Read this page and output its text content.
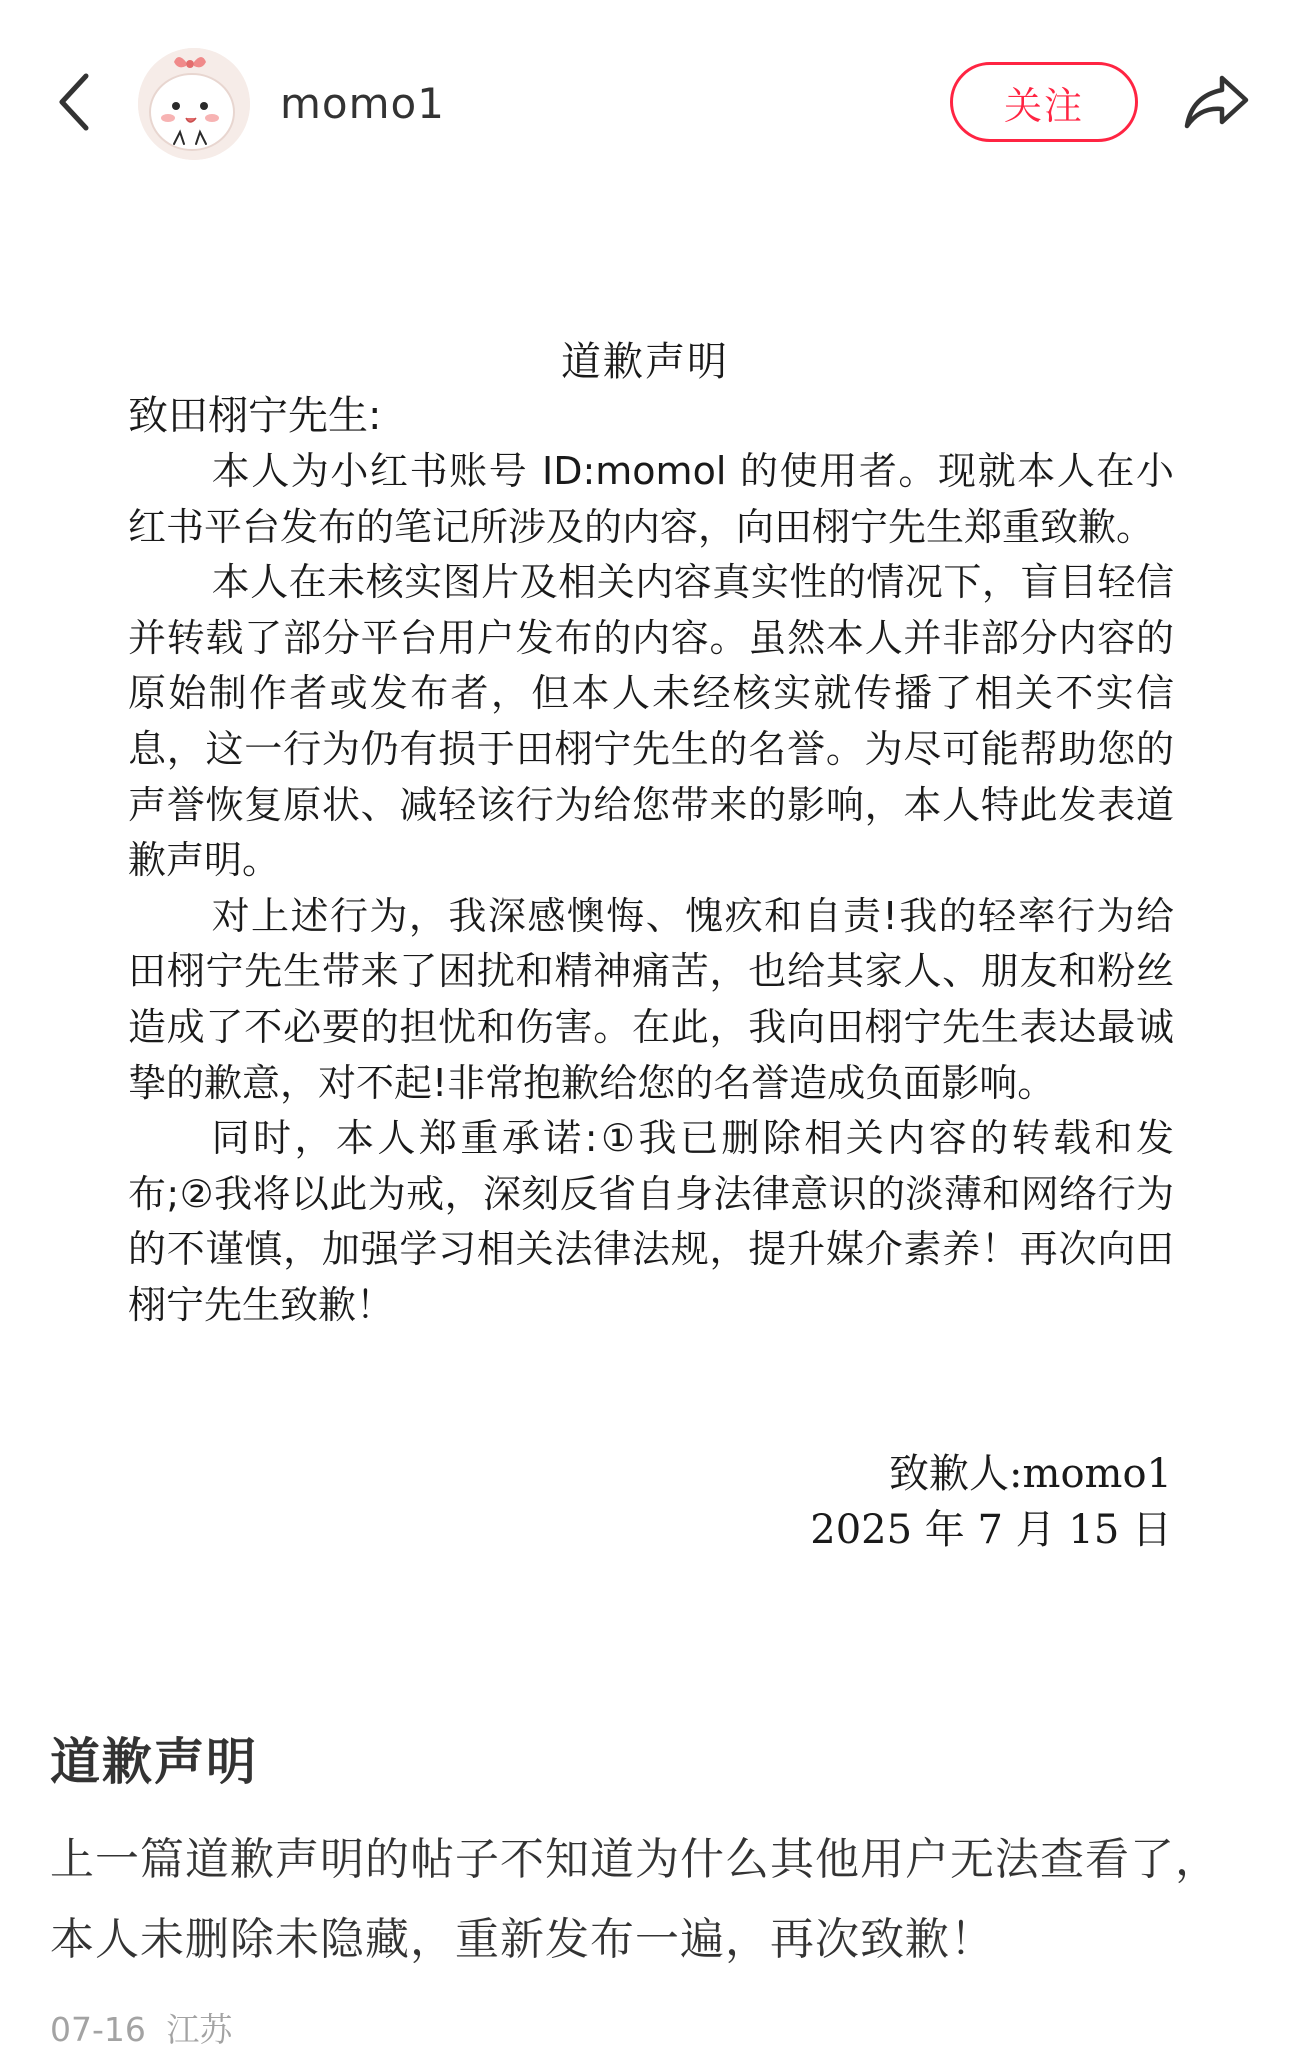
momo1	关注
道歉声明
致田栩宁先生:

本人为小红书账号 ID:momol 的使用者。现就本人在小红书平台发布的笔记所涉及的内容，向田栩宁先生郑重致歉。

本人在未核实图片及相关内容真实性的情况下，盲目轻信并转载了部分平台用户发布的内容。虽然本人并非部分内容的原始制作者或发布者，但本人未经核实就传播了相关不实信息，这一行为仍有损于田栩宁先生的名誉。为尽可能帮助您的声誉恢复原状、减轻该行为给您带来的影响，本人特此发表道歉声明。

对上述行为，我深感懊悔、愧疚和自责!我的轻率行为给田栩宁先生带来了困扰和精神痛苦，也给其家人、朋友和粉丝造成了不必要的担忧和伤害。在此，我向田栩宁先生表达最诚挚的歉意，对不起!非常抱歉给您的名誉造成负面影响。

同时，本人郑重承诺:①我已删除相关内容的转载和发布;②我将以此为戒，深刻反省自身法律意识的淡薄和网络行为的不谨慎，加强学习相关法律法规，提升媒介素养！再次向田栩宁先生致歉！

致歉人:momo1
2025 年 7 月 15 日
道歉声明
上一篇道歉声明的帖子不知道为什么其他用户无法查看了，本人未删除未隐藏，重新发布一遍，再次致歉！
07-16 江苏
